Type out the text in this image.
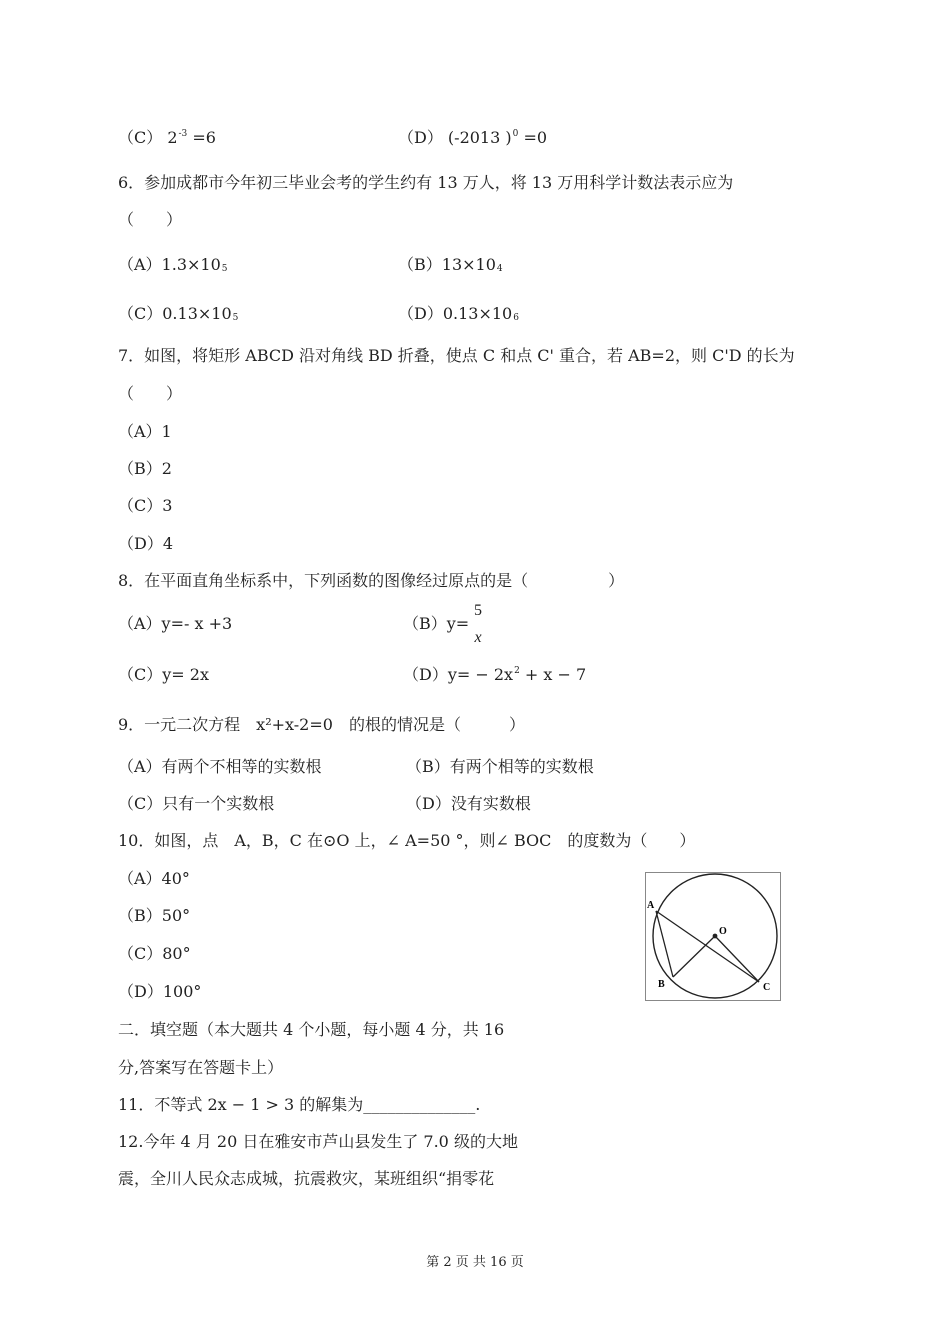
（C） $2^{-3} =6$	（D） (-2013 )$^0$ =0
6．参加成都市今年初三毕业会考的学生约有 13 万人，将 13 万用科学计数法表示应为
（　　）
（A）1.3×105	（B）13×104
（C）0.13×105	（D）0.13×106
7．如图，将矩形 ABCD 沿对角线 BD 折叠，使点 C 和点 C' 重合，若 AB=2，则 C'D 的长为
（　　）
（A）1
（B）2
（C）3
（D）4
8．在平面直角坐标系中，下列函数的图像经过原点的是（　　　　　）
（A）y=- x +3	（B）y=
5
x
（C）y= 2x	$(D)y= - 2x^2 + x - 7$
9．一元二次方程　x²+x-2=0　的根的情况是（　　　）
（A）有两个不相等的实数根	（B）有两个相等的实数根
（C）只有一个实数根	（D）没有实数根
10．如图，点　A，B，C 在⊙O 上，∠ A=50 °，则∠ BOC　的度数为（　　）
（A）40°
（B）50°
（C）80°
（D）100°
A
B	C
O
二．填空题（本大题共 4 个小题，每小题 4 分，共 16
分,答案写在答题卡上）
11．不等式 2x − 1 > 3 的解集为______________.
12.今年 4 月 20 日在雅安市芦山县发生了 7.0 级的大地
震，全川人民众志成城，抗震救灾，某班组织“捐零花
第 2 页 共 16 页
